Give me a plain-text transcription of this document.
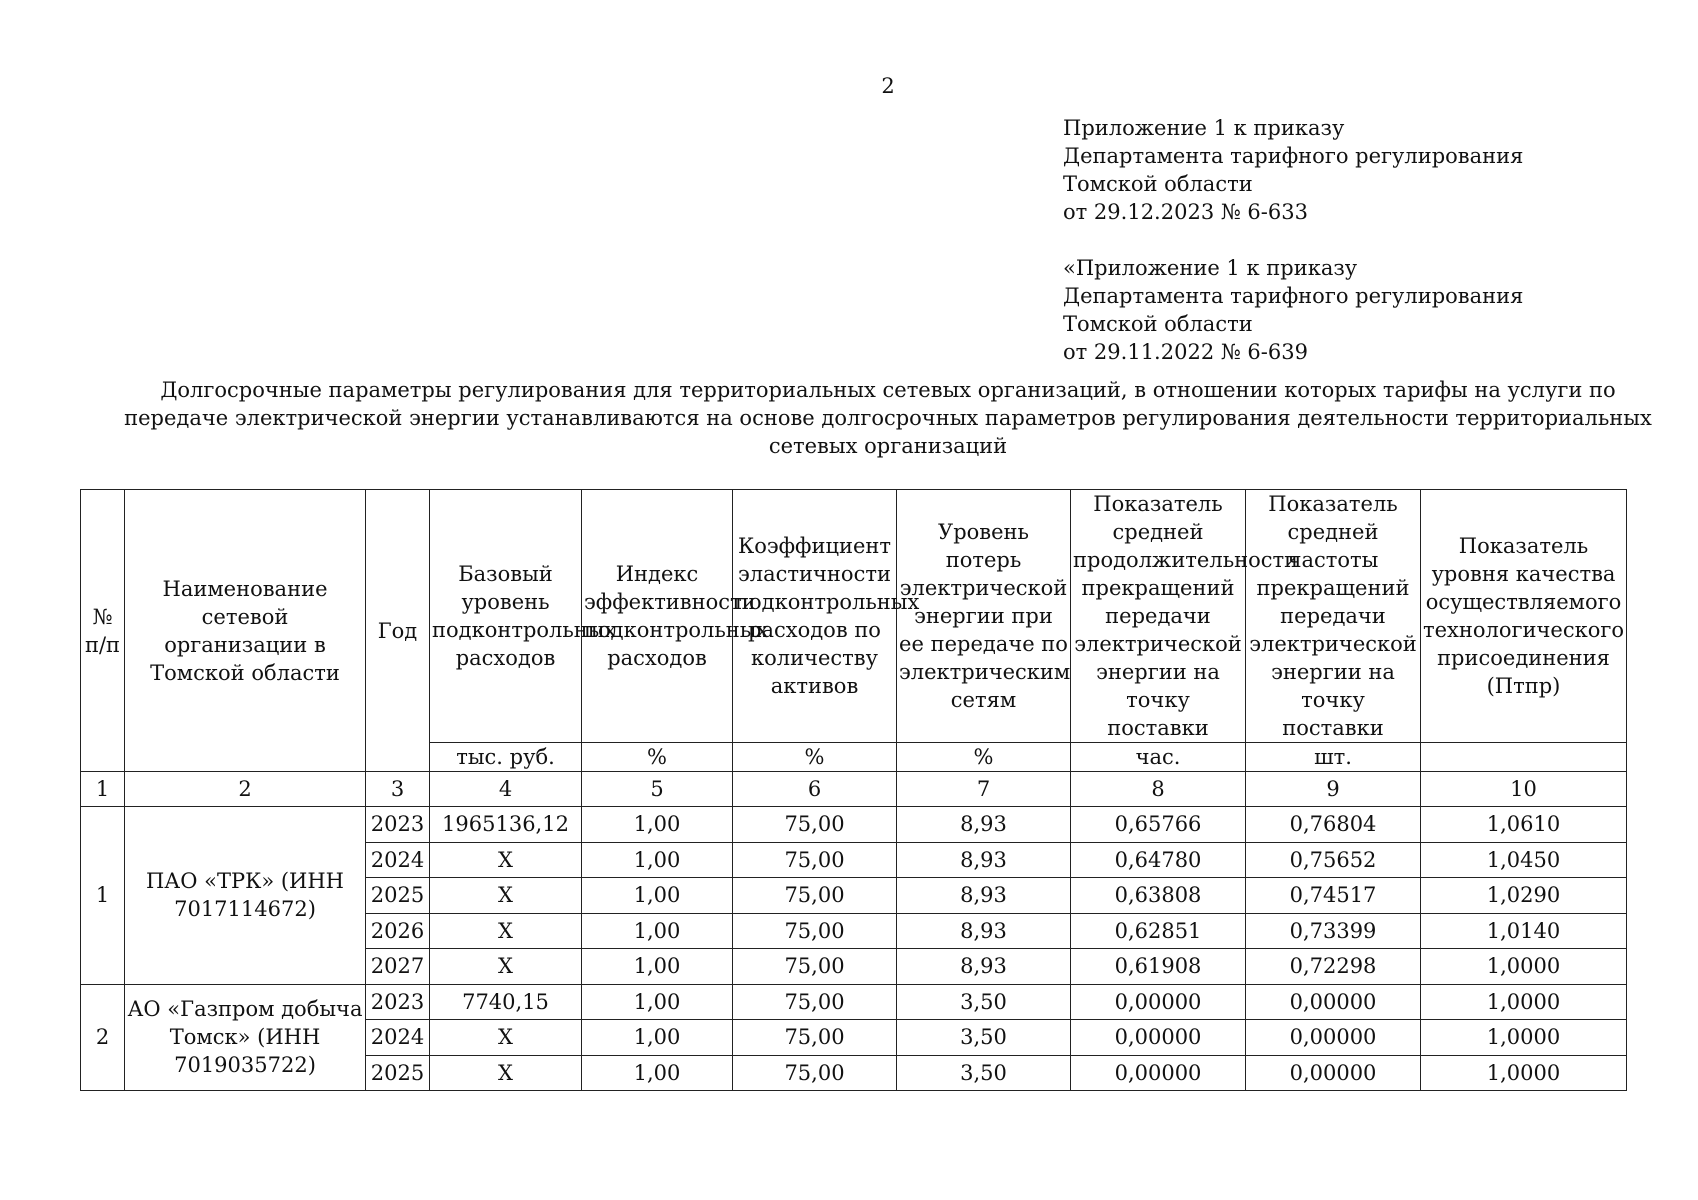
2
Приложение 1 к приказу
Департамента тарифного регулирования
Томской области
от 29.12.2023 № 6-633
«Приложение 1 к приказу
Департамента тарифного регулирования
Томской области
от 29.11.2022 № 6-639
Долгосрочные параметры регулирования для территориальных сетевых организаций, в отношении которых тарифы на услуги по передаче электрической энергии устанавливаются на основе долгосрочных параметров регулирования деятельности территориальных сетевых организаций
№ п/п	Наименование сетевой организации в Томской области	Год	Базовый уровень подконтрольных расходов	Индекс эффективности подконтрольных расходов	Коэффициент эластичности подконтрольных расходов по количеству активов	Уровень потерь электрической энергии при ее передаче по электрическим сетям	Показатель средней продолжительности прекращений передачи электрической энергии на точку поставки	Показатель средней частоты прекращений передачи электрической энергии на точку поставки	Показатель уровня качества осуществляемого технологического присоединения (Птпр)
			тыс. руб.	%	%	%	час.	шт.	
1	2	3	4	5	6	7	8	9	10
1	ПАО «ТРК» (ИНН 7017114672)	2023	1965136,12	1,00	75,00	8,93	0,65766	0,76804	1,0610
		2024	Х	1,00	75,00	8,93	0,64780	0,75652	1,0450
		2025	Х	1,00	75,00	8,93	0,63808	0,74517	1,0290
		2026	Х	1,00	75,00	8,93	0,62851	0,73399	1,0140
		2027	Х	1,00	75,00	8,93	0,61908	0,72298	1,0000
2	АО «Газпром добыча Томск» (ИНН 7019035722)	2023	7740,15	1,00	75,00	3,50	0,00000	0,00000	1,0000
		2024	Х	1,00	75,00	3,50	0,00000	0,00000	1,0000
		2025	Х	1,00	75,00	3,50	0,00000	0,00000	1,0000
